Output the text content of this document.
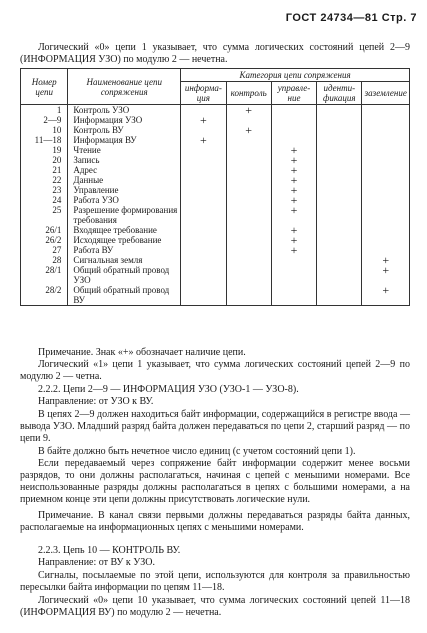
ГОСТ 24734—81 Стр. 7

Логический «0» цепи 1 указывает, что сумма логических состояний цепей 2—9 (ИНФОРМАЦИЯ УЗО) по модулю 2 — нечетна.

Номер цепи	Наименование цепи сопряжения	Категория цепи сопряжения				
		информа-ция	контроль	управле-ние	иденти-фикация	заземление
1	Контроль УЗО		+			
2—9	Информация УЗО	+				
10	Контроль ВУ		+			
11—18	Информация ВУ	+				
19	Чтение			+		
20	Запись			+		
21	Адрес			+		
22	Данные			+		
23	Управление			+		
24	Работа УЗО			+		
25	Разрешение формирования требования			+		
26/1	Входящее требование			+		
26/2	Исходящее требование			+		
27	Работа ВУ			+		
28	Сигнальная земля					+
28/1	Общий обратный провод УЗО					+
28/2	Общий обратный провод ВУ					+

Примечание. Знак «+» обозначает наличие цепи.

Логический «1» цепи 1 указывает, что сумма логических состояний цепей 2—9 по модулю 2 — четна.

2.2.2. Цепи 2—9 — ИНФОРМАЦИЯ УЗО (УЗО-1 — УЗО-8).

Направление: от УЗО к ВУ.

В цепях 2—9 должен находиться байт информации, содержащийся в регистре ввода — вывода УЗО. Младший разряд байта должен передаваться по цепи 2, старший разряд — по цепи 9.

В байте должно быть нечетное число единиц (с учетом состояний цепи 1).

Если передаваемый через сопряжение байт информации содержит менее восьми разрядов, то они должны располагаться, начиная с цепей с меньшими номерами. Все неиспользованные разряды должны располагаться в цепях с большими номерами, а на приемном конце эти цепи должны присутствовать логические нули.

Примечание. В канал связи первыми должны передаваться разряды байта данных, располагаемые на информационных цепях с меньшими номерами.

2.2.3. Цепь 10 — КОНТРОЛЬ ВУ.

Направление: от ВУ к УЗО.

Сигналы, посылаемые по этой цепи, используются для контроля за правильностью пересылки байта информации по цепям 11—18.

Логический «0» цепи 10 указывает, что сумма логических состояний цепей 11—18 (ИНФОРМАЦИЯ ВУ) по модулю 2 — нечетна.
